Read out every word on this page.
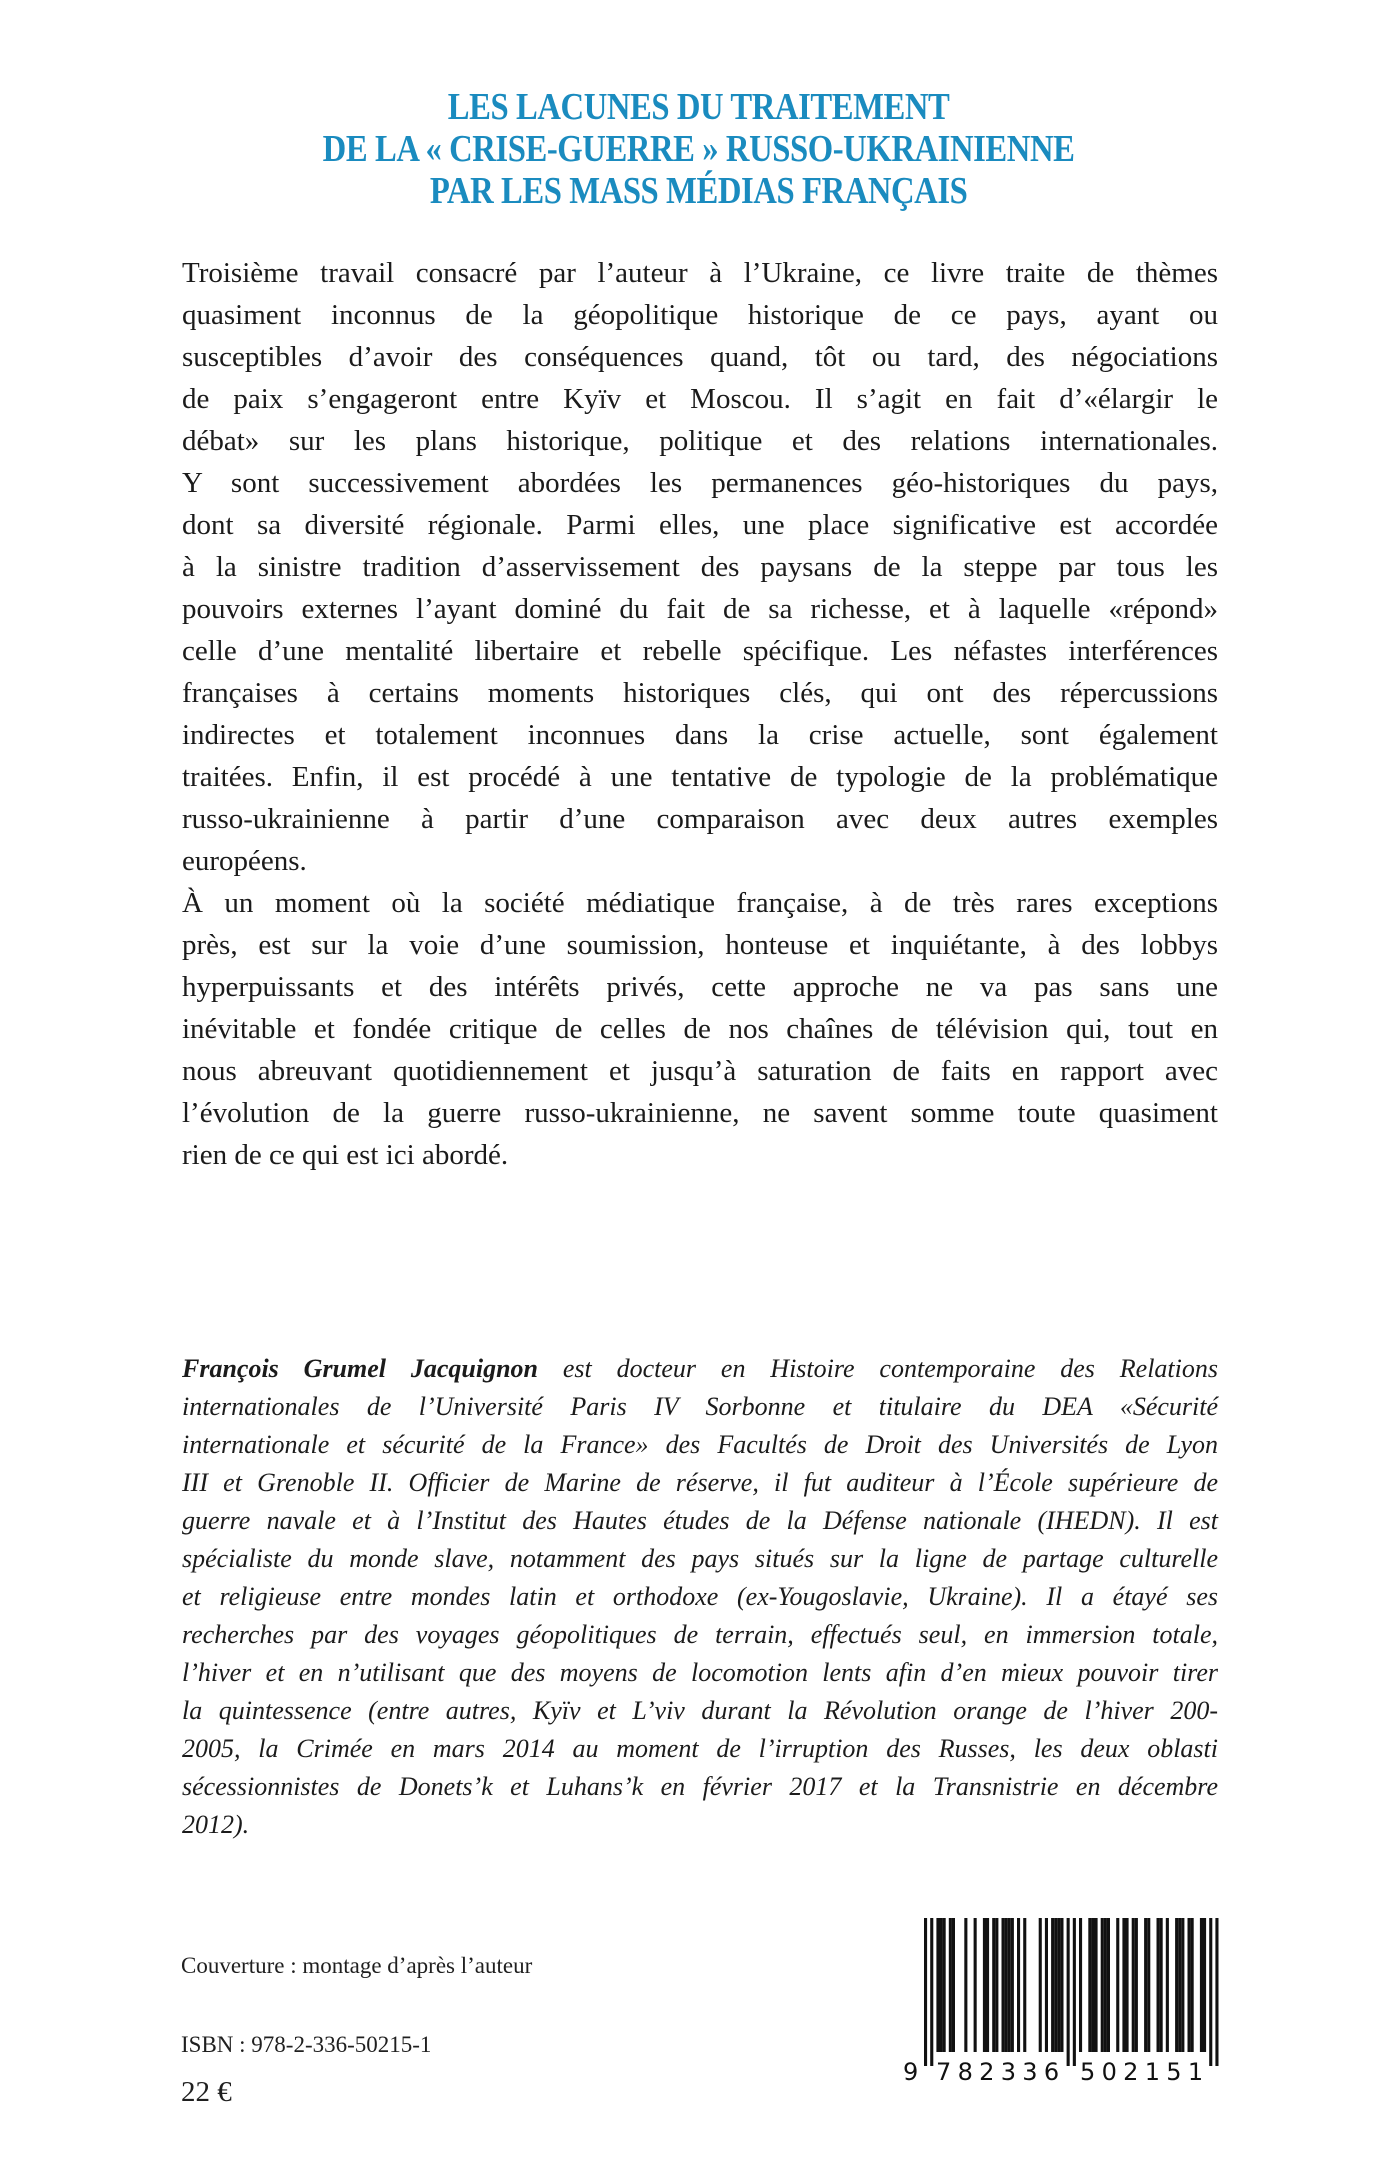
LES LACUNES DU TRAITEMENT
DE LA « CRISE-GUERRE » RUSSO-UKRAINIENNE
PAR LES MASS MÉDIAS FRANÇAIS
Troisième travail consacré par l’auteur à l’Ukraine, ce livre traite de thèmes
quasiment inconnus de la géopolitique historique de ce pays, ayant ou
susceptibles d’avoir des conséquences quand, tôt ou tard, des négociations
de paix s’engageront entre Kyïv et Moscou. Il s’agit en fait d’«élargir le
débat» sur les plans historique, politique et des relations internationales.
Y sont successivement abordées les permanences géo-historiques du pays,
dont sa diversité régionale. Parmi elles, une place significative est accordée
à la sinistre tradition d’asservissement des paysans de la steppe par tous les
pouvoirs externes l’ayant dominé du fait de sa richesse, et à laquelle «répond»
celle d’une mentalité libertaire et rebelle spécifique. Les néfastes interférences
françaises à certains moments historiques clés, qui ont des répercussions
indirectes et totalement inconnues dans la crise actuelle, sont également
traitées. Enfin, il est procédé à une tentative de typologie de la problématique
russo-ukrainienne à partir d’une comparaison avec deux autres exemples
européens.
À un moment où la société médiatique française, à de très rares exceptions
près, est sur la voie d’une soumission, honteuse et inquiétante, à des lobbys
hyperpuissants et des intérêts privés, cette approche ne va pas sans une
inévitable et fondée critique de celles de nos chaînes de télévision qui, tout en
nous abreuvant quotidiennement et jusqu’à saturation de faits en rapport avec
l’évolution de la guerre russo-ukrainienne, ne savent somme toute quasiment
rien de ce qui est ici abordé.
François Grumel Jacquignon est docteur en Histoire contemporaine des Relations
internationales de l’Université Paris IV Sorbonne et titulaire du DEA «Sécurité
internationale et sécurité de la France» des Facultés de Droit des Universités de Lyon
III et Grenoble II. Officier de Marine de réserve, il fut auditeur à l’École supérieure de
guerre navale et à l’Institut des Hautes études de la Défense nationale (IHEDN). Il est
spécialiste du monde slave, notamment des pays situés sur la ligne de partage culturelle
et religieuse entre mondes latin et orthodoxe (ex-Yougoslavie, Ukraine). Il a étayé ses
recherches par des voyages géopolitiques de terrain, effectués seul, en immersion totale,
l’hiver et en n’utilisant que des moyens de locomotion lents afin d’en mieux pouvoir tirer
la quintessence (entre autres, Kyïv et L’viv durant la Révolution orange de l’hiver 200-
2005, la Crimée en mars 2014 au moment de l’irruption des Russes, les deux oblasti
sécessionnistes de Donets’k et Luhans’k en février 2017 et la Transnistrie en décembre
2012).
Couverture : montage d’après l’auteur
ISBN : 978-2-336-50215-1
22 €
9 782336 502151
